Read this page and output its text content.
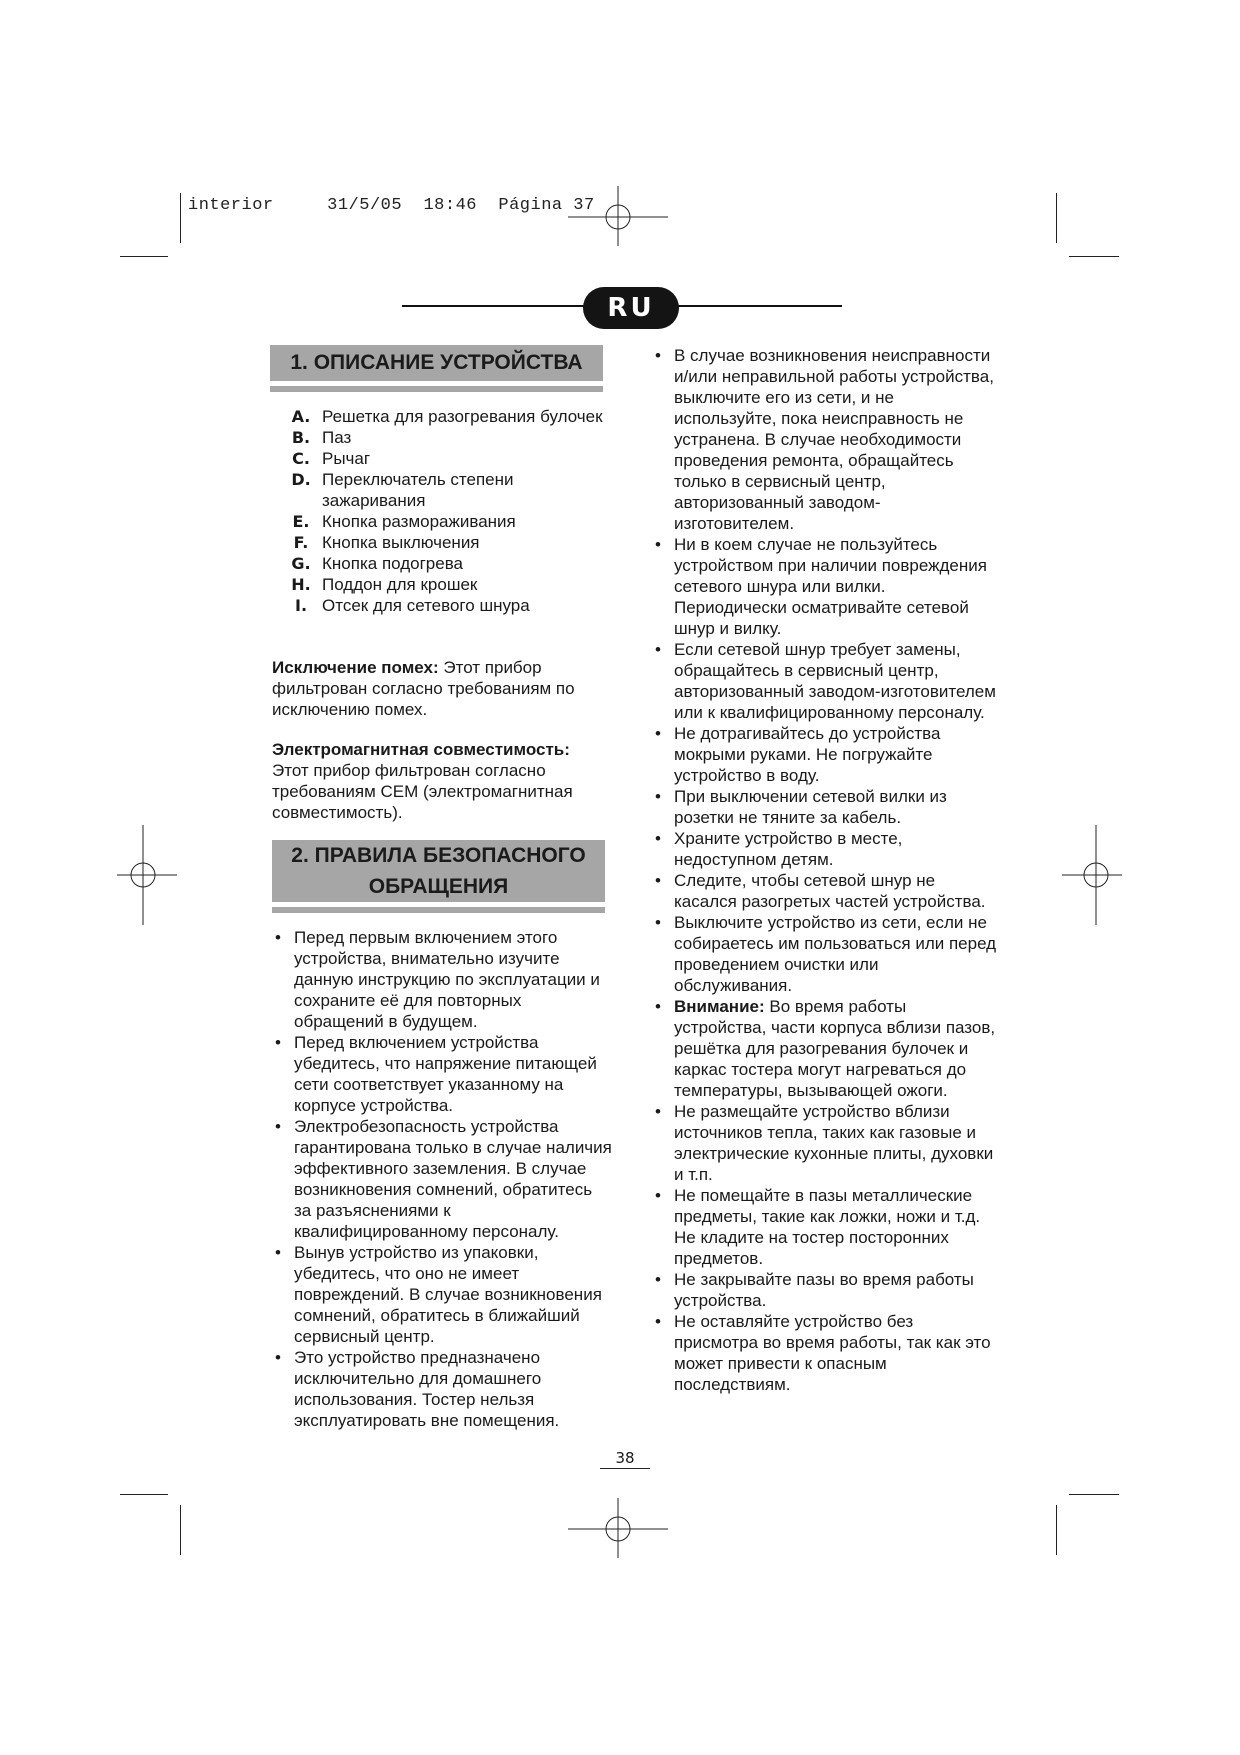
interior	31/5/05 18:46 Página 37
RU
1. ОПИСАНИЕ УСТРОЙСТВА
A. Решетка для разогревания булочек
B. Паз
C. Рычаг
D. Переключатель степени зажаривания
E. Кнопка размораживания
F. Кнопка выключения
G. Кнопка подогрева
H. Поддон для крошек
I. Отсек для сетевого шнура
Исключение помех: Этот прибор фильтрован согласно требованиям по исключению помех.
Электромагнитная совместимость:
Этот прибор фильтрован согласно требованиям CEM (электромагнитная совместимость).
2. ПРАВИЛА БЕЗОПАСНОГО
ОБРАЩЕНИЯ
• Перед первым включением этого устройства, внимательно изучите данную инструкцию по эксплуатации и сохраните её для повторных обращений в будущем.
• Перед включением устройства убедитесь, что напряжение питающей сети соответствует указанному на корпусе устройства.
• Электробезопасность устройства гарантирована только в случае наличия эффективного заземления. В случае возникновения сомнений, обратитесь за разъяснениями к квалифицированному персоналу.
• Вынув устройство из упаковки, убедитесь, что оно не имеет повреждений. В случае возникновения сомнений, обратитесь в ближайший сервисный центр.
• Это устройство предназначено исключительно для домашнего использования. Тостер нельзя эксплуатировать вне помещения.
• В случае возникновения неисправности и/или неправильной работы устройства, выключите его из сети, и не используйте, пока неисправность не устранена. В случае необходимости проведения ремонта, обращайтесь только в сервисный центр, авторизованный заводом-изготовителем.
• Ни в коем случае не пользуйтесь устройством при наличии повреждения сетевого шнура или вилки. Периодически осматривайте сетевой шнур и вилку.
• Если сетевой шнур требует замены, обращайтесь в сервисный центр, авторизованный заводом-изготовителем или к квалифицированному персоналу.
• Не дотрагивайтесь до устройства мокрыми руками. Не погружайте устройство в воду.
• При выключении сетевой вилки из розетки не тяните за кабель.
• Храните устройство в месте, недоступном детям.
• Следите, чтобы сетевой шнур не касался разогретых частей устройства.
• Выключите устройство из сети, если не собираетесь им пользоваться или перед проведением очистки или обслуживания.
• Внимание: Во время работы устройства, части корпуса вблизи пазов, решётка для разогревания булочек и каркас тостера могут нагреваться до температуры, вызывающей ожоги.
• Не размещайте устройство вблизи источников тепла, таких как газовые и электрические кухонные плиты, духовки и т.п.
• Не помещайте в пазы металлические предметы, такие как ложки, ножи и т.д. Не кладите на тостер посторонних предметов.
• Не закрывайте пазы во время работы устройства.
• Не оставляйте устройство без присмотра во время работы, так как это может привести к опасным последствиям.
38
